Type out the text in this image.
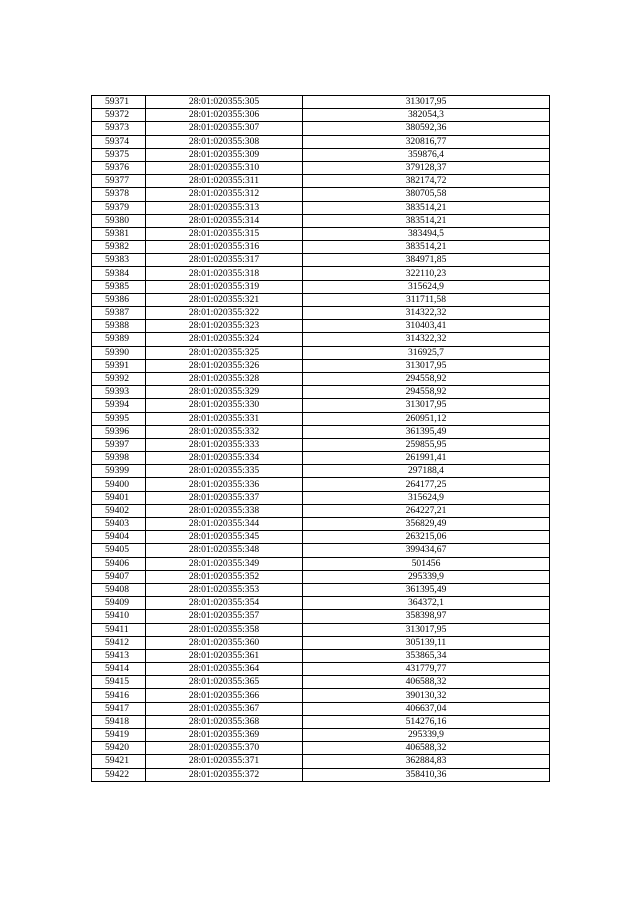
59371	28:01:020355:305	313017,95
59372	28:01:020355:306	382054,3
59373	28:01:020355:307	380592,36
59374	28:01:020355:308	320816,77
59375	28:01:020355:309	359876,4
59376	28:01:020355:310	379128,37
59377	28:01:020355:311	382174,72
59378	28:01:020355:312	380705,58
59379	28:01:020355:313	383514,21
59380	28:01:020355:314	383514,21
59381	28:01:020355:315	383494,5
59382	28:01:020355:316	383514,21
59383	28:01:020355:317	384971,85
59384	28:01:020355:318	322110,23
59385	28:01:020355:319	315624,9
59386	28:01:020355:321	311711,58
59387	28:01:020355:322	314322,32
59388	28:01:020355:323	310403,41
59389	28:01:020355:324	314322,32
59390	28:01:020355:325	316925,7
59391	28:01:020355:326	313017,95
59392	28:01:020355:328	294558,92
59393	28:01:020355:329	294558,92
59394	28:01:020355:330	313017,95
59395	28:01:020355:331	260951,12
59396	28:01:020355:332	361395,49
59397	28:01:020355:333	259855,95
59398	28:01:020355:334	261991,41
59399	28:01:020355:335	297188,4
59400	28:01:020355:336	264177,25
59401	28:01:020355:337	315624,9
59402	28:01:020355:338	264227,21
59403	28:01:020355:344	356829,49
59404	28:01:020355:345	263215,06
59405	28:01:020355:348	399434,67
59406	28:01:020355:349	501456
59407	28:01:020355:352	295339,9
59408	28:01:020355:353	361395,49
59409	28:01:020355:354	364372,1
59410	28:01:020355:357	358398,97
59411	28:01:020355:358	313017,95
59412	28:01:020355:360	305139,11
59413	28:01:020355:361	353865,34
59414	28:01:020355:364	431779,77
59415	28:01:020355:365	406588,32
59416	28:01:020355:366	390130,32
59417	28:01:020355:367	406637,04
59418	28:01:020355:368	514276,16
59419	28:01:020355:369	295339,9
59420	28:01:020355:370	406588,32
59421	28:01:020355:371	362884,83
59422	28:01:020355:372	358410,36
